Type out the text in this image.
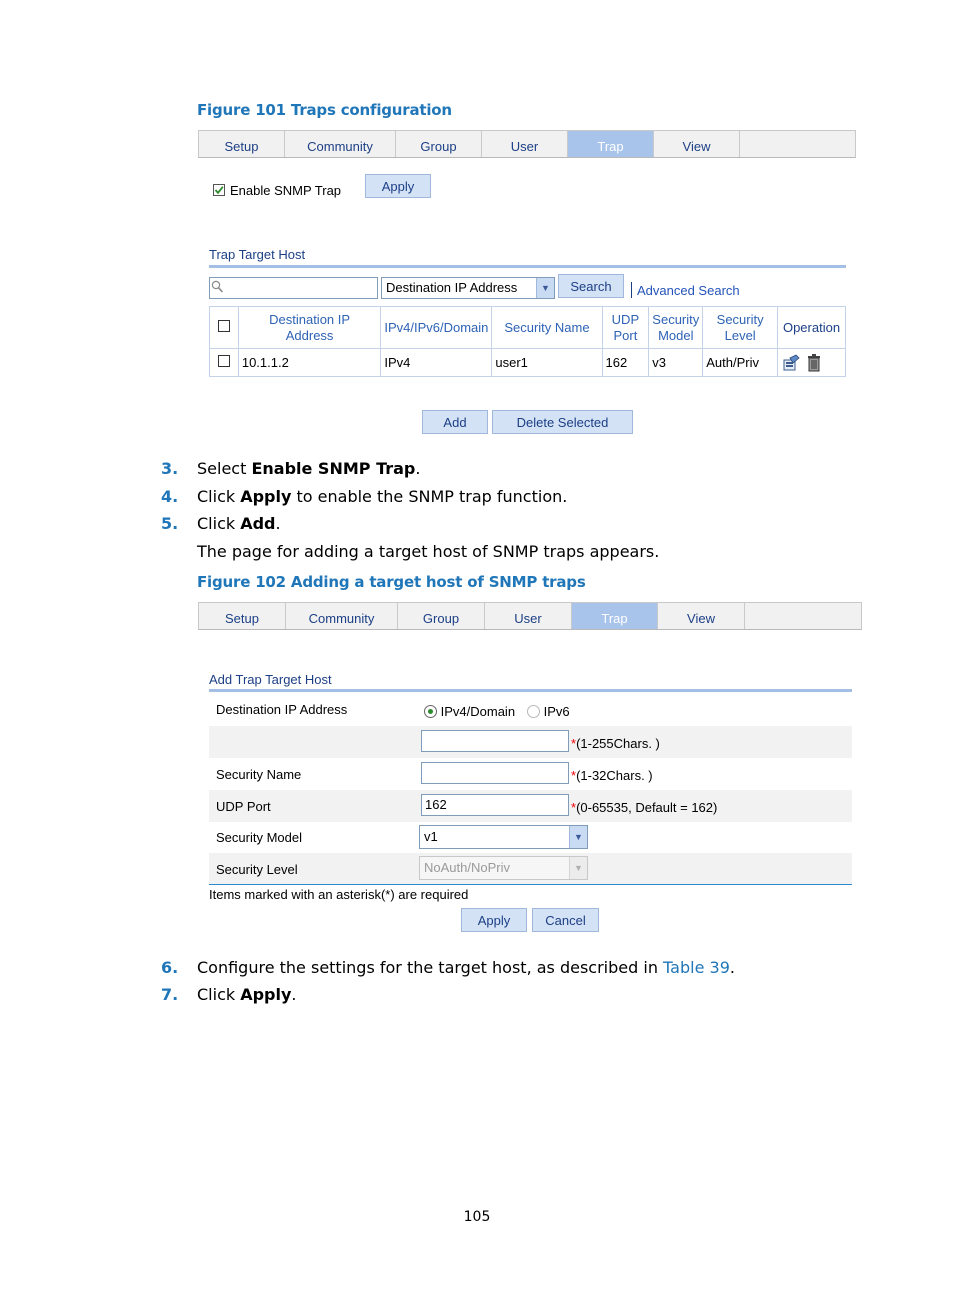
Figure 101 Traps configuration
Setup	Community	Group	User	Trap	View
Enable SNMP Trap	Apply
Trap Target Host
Destination IP Address	▼	Search	Advanced Search
	Destination IP Address	IPv4/IPv6/Domain	Security Name	UDP Port	Security Model	Security Level	Operation
	10.1.1.2	IPv4	user1	162	v3	Auth/Priv	
Add	Delete Selected
3. Select Enable SNMP Trap.
4. Click Apply to enable the SNMP trap function.
5. Click Add.
The page for adding a target host of SNMP traps appears.
Figure 102 Adding a target host of SNMP traps
Setup	Community	Group	User	Trap	View
Add Trap Target Host
Destination IP Address	IPv4/Domain	IPv6
*(1-255Chars. )
Security Name	*(1-32Chars. )
UDP Port	162	*(0-65535, Default = 162)
Security Model	v1	▼
Security Level	NoAuth/NoPriv	▼
Items marked with an asterisk(*) are required
Apply	Cancel
6. Configure the settings for the target host, as described in Table 39.
7. Click Apply.
105
